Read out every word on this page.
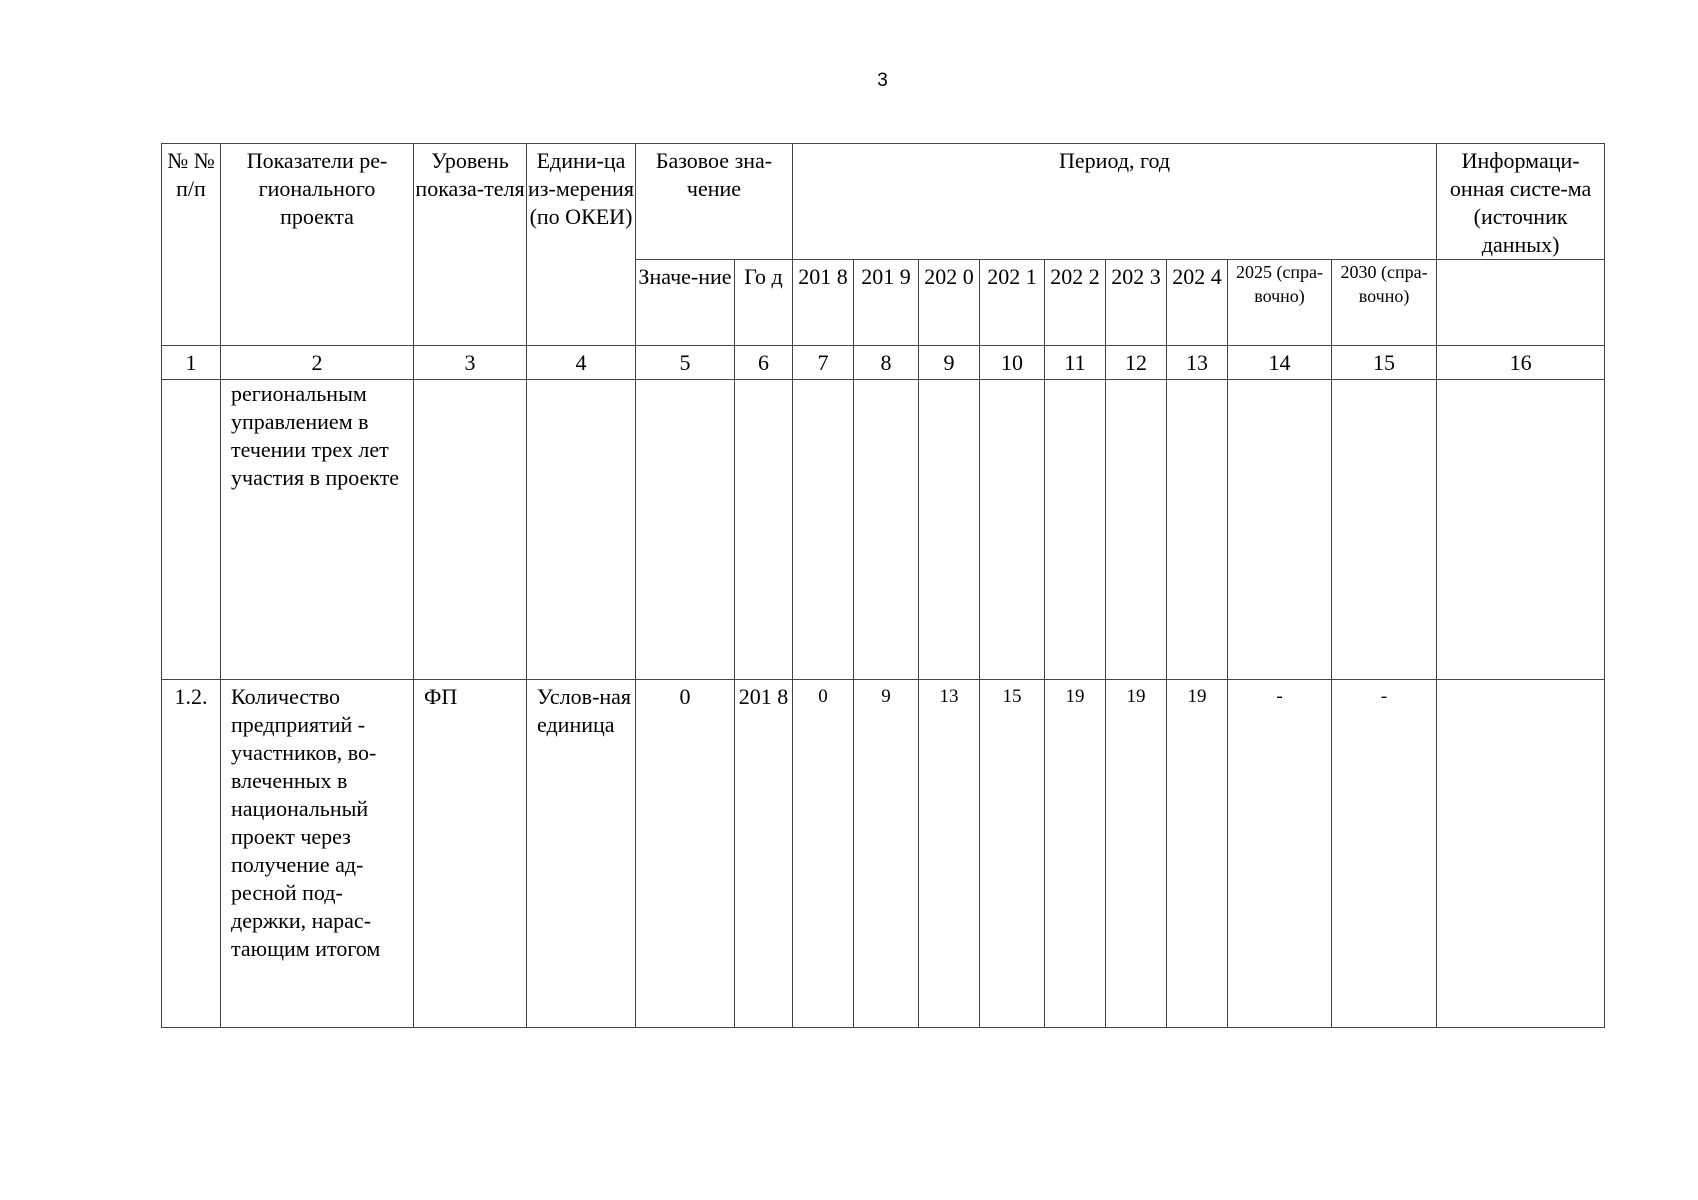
3
№ № п/п	Показатели ре-гионального проекта	Уровень показа-теля	Едини-ца из-мерения (по ОКЕИ)	Базовое зна-чение		Период, год									Информаци-онная систе-ма (источник данных)
				Значе-ние	Го д	201 8	201 9	202 0	202 1	202 2	202 3	202 4	2025 (спра-вочно)	2030 (спра-вочно)	
1	2	3	4	5	6	7	8	9	10	11	12	13	14	15	16
	региональным управлением в течении трех лет участия в проекте														
1.2.	Количество предприятий - участников, во-влеченных в национальный проект через получение ад-ресной под-держки, нарас-тающим итогом	ФП	Услов-ная единица	0	201 8	0	9	13	15	19	19	19	-	-	
